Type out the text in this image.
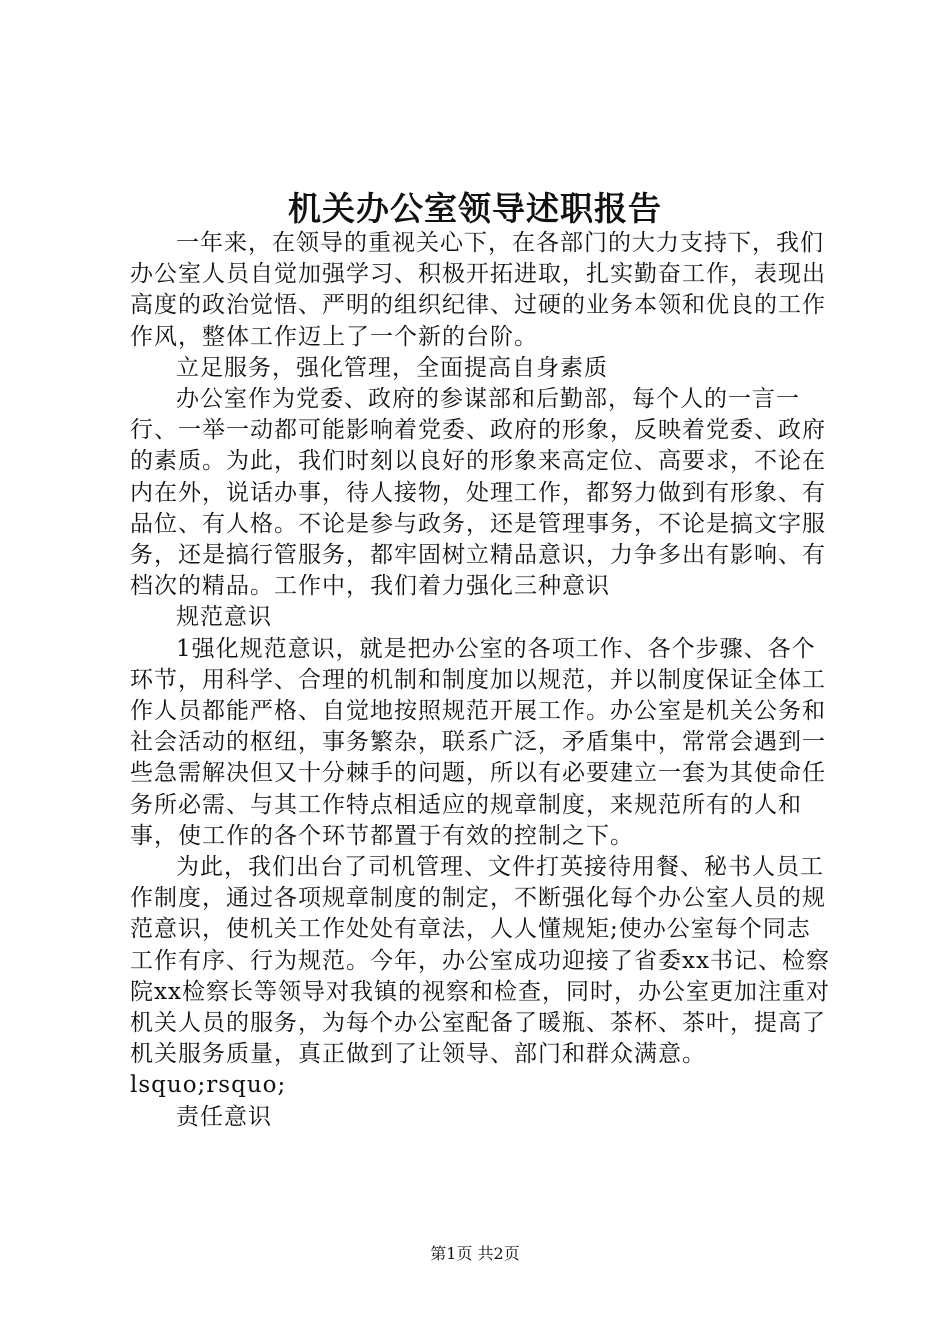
机关办公室领导述职报告

一年来，在领导的重视关心下，在各部门的大力支持下，我们办公室人员自觉加强学习、积极开拓进取，扎实勤奋工作，表现出高度的政治觉悟、严明的组织纪律、过硬的业务本领和优良的工作作风，整体工作迈上了一个新的台阶。

立足服务，强化管理，全面提高自身素质

办公室作为党委、政府的参谋部和后勤部，每个人的一言一行、一举一动都可能影响着党委、政府的形象，反映着党委、政府的素质。为此，我们时刻以良好的形象来高定位、高要求，不论在内在外，说话办事，待人接物，处理工作，都努力做到有形象、有品位、有人格。不论是参与政务，还是管理事务，不论是搞文字服务，还是搞行管服务，都牢固树立精品意识，力争多出有影响、有档次的精品。工作中，我们着力强化三种意识

规范意识

1强化规范意识，就是把办公室的各项工作、各个步骤、各个环节，用科学、合理的机制和制度加以规范，并以制度保证全体工作人员都能严格、自觉地按照规范开展工作。办公室是机关公务和社会活动的枢纽，事务繁杂，联系广泛，矛盾集中，常常会遇到一些急需解决但又十分棘手的问题，所以有必要建立一套为其使命任务所必需、与其工作特点相适应的规章制度，来规范所有的人和事，使工作的各个环节都置于有效的控制之下。

为此，我们出台了司机管理、文件打英接待用餐、秘书人员工作制度，通过各项规章制度的制定，不断强化每个办公室人员的规范意识，使机关工作处处有章法，人人懂规矩;使办公室每个同志工作有序、行为规范。今年，办公室成功迎接了省委xx书记、检察院xx检察长等领导对我镇的视察和检查，同时，办公室更加注重对机关人员的服务，为每个办公室配备了暖瓶、茶杯、茶叶，提高了机关服务质量，真正做到了让领导、部门和群众满意。lsquo;rsquo;

责任意识

第1页 共2页
